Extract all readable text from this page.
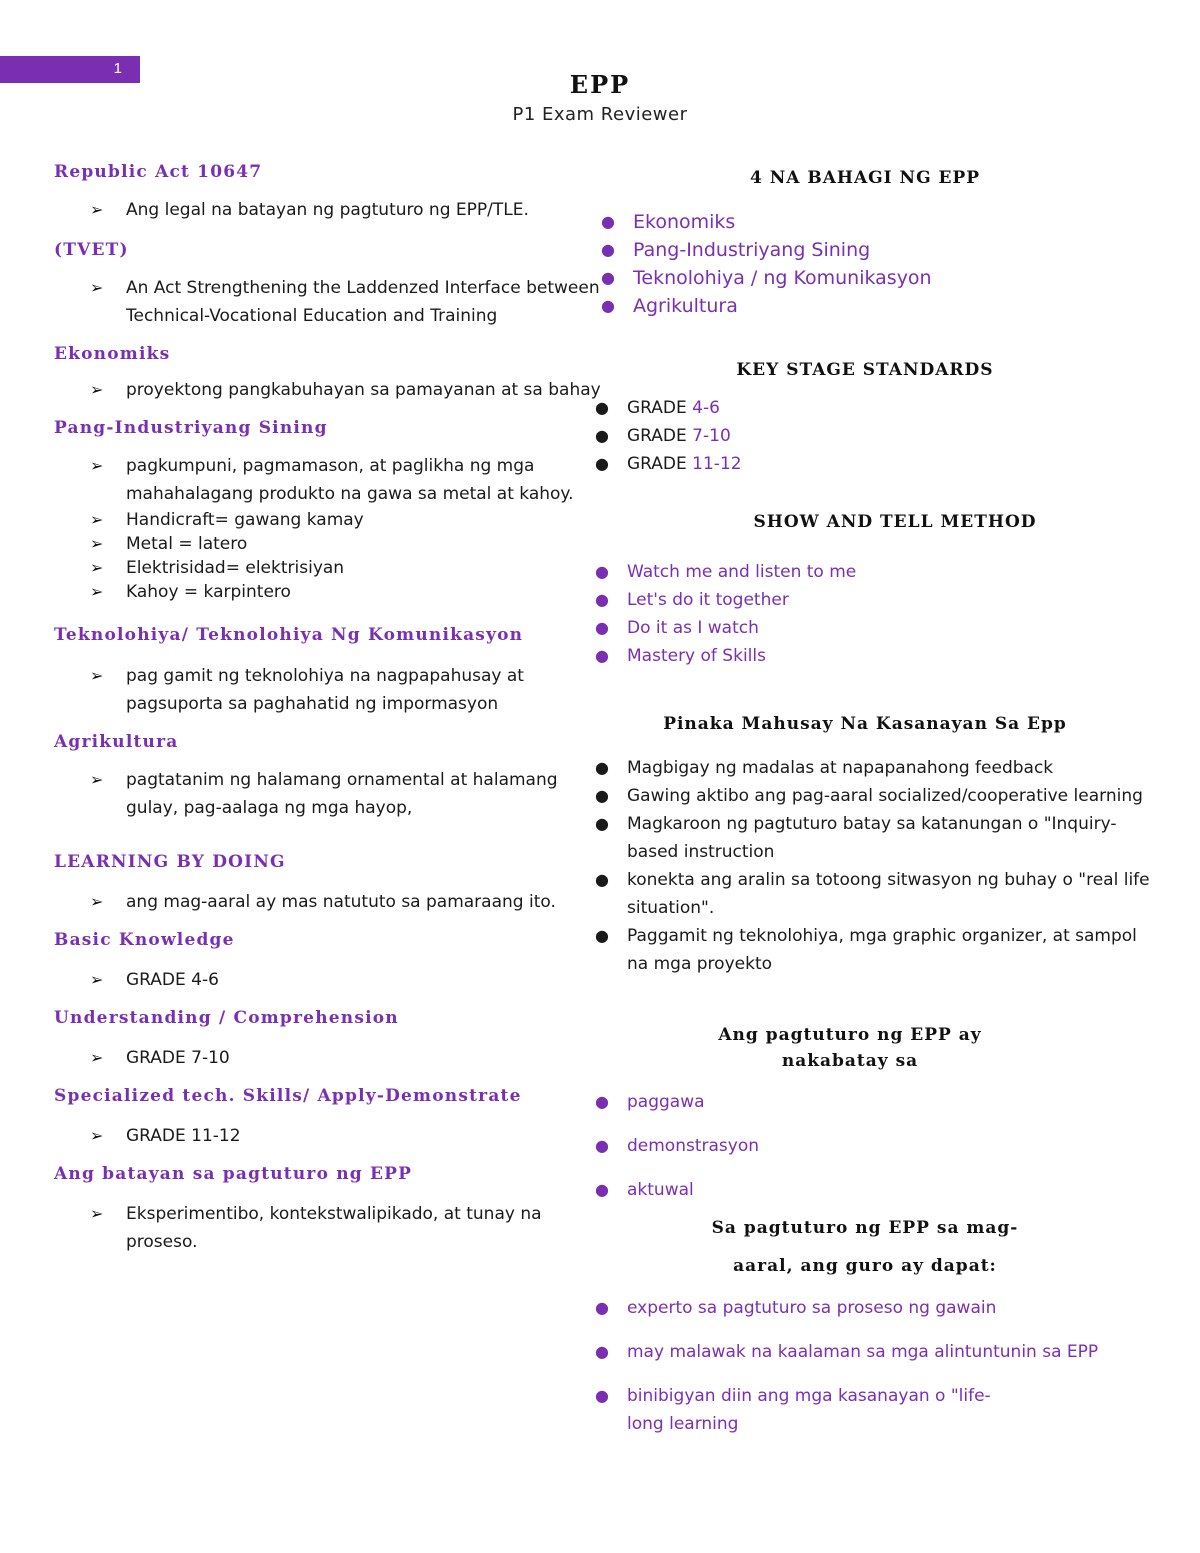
1
EPP
P1 Exam Reviewer

Republic Act 10647

➢ Ang legal na batayan ng pagtuturo ng EPP/TLE.

(TVET)

➢ An Act Strengthening the Laddenzed Interface between Technical-Vocational Education and Training

Ekonomiks

➢ proyektong pangkabuhayan sa pamayanan at sa bahay

Pang-Industriyang Sining

➢ pagkumpuni, pagmamason, at paglikha ng mga mahahalagang produkto na gawa sa metal at kahoy.
➢ Handicraft= gawang kamay
➢ Metal = latero
➢ Elektrisidad= elektrisiyan
➢ Kahoy = karpintero

Teknolohiya/ Teknolohiya Ng Komunikasyon

➢ pag gamit ng teknolohiya na nagpapahusay at pagsuporta sa paghahatid ng impormasyon

Agrikultura

➢ pagtatanim ng halamang ornamental at halamang gulay, pag-aalaga ng mga hayop,

LEARNING BY DOING

➢ ang mag-aaral ay mas natututo sa pamaraang ito.

Basic Knowledge

➢ GRADE 4-6

Understanding / Comprehension

➢ GRADE 7-10

Specialized tech. Skills/ Apply-Demonstrate

➢ GRADE 11-12

Ang batayan sa pagtuturo ng EPP

➢ Eksperimentibo, kontekstwalipikado, at tunay na proseso.

4 NA BAHAGI NG EPP

● Ekonomiks
● Pang-Industriyang Sining
● Teknolohiya / ng Komunikasyon
● Agrikultura

KEY STAGE STANDARDS

● GRADE 4-6
● GRADE 7-10
● GRADE 11-12

SHOW AND TELL METHOD

● Watch me and listen to me
● Let's do it together
● Do it as I watch
● Mastery of Skills

Pinaka Mahusay Na Kasanayan Sa Epp

● Magbigay ng madalas at napapanahong feedback
● Gawing aktibo ang pag-aaral socialized/cooperative learning
● Magkaroon ng pagtuturo batay sa katanungan o "Inquiry-based instruction
● konekta ang aralin sa totoong sitwasyon ng buhay o "real life situation".
● Paggamit ng teknolohiya, mga graphic organizer, at sampol na mga proyekto

Ang pagtuturo ng EPP ay nakabatay sa

● paggawa
● demonstrasyon
● aktuwal

Sa pagtuturo ng EPP sa mag-

aaral, ang guro ay dapat:

● experto sa pagtuturo sa proseso ng gawain
● may malawak na kaalaman sa mga alintuntunin sa EPP
● binibigyan diin ang mga kasanayan o "life-long learning
